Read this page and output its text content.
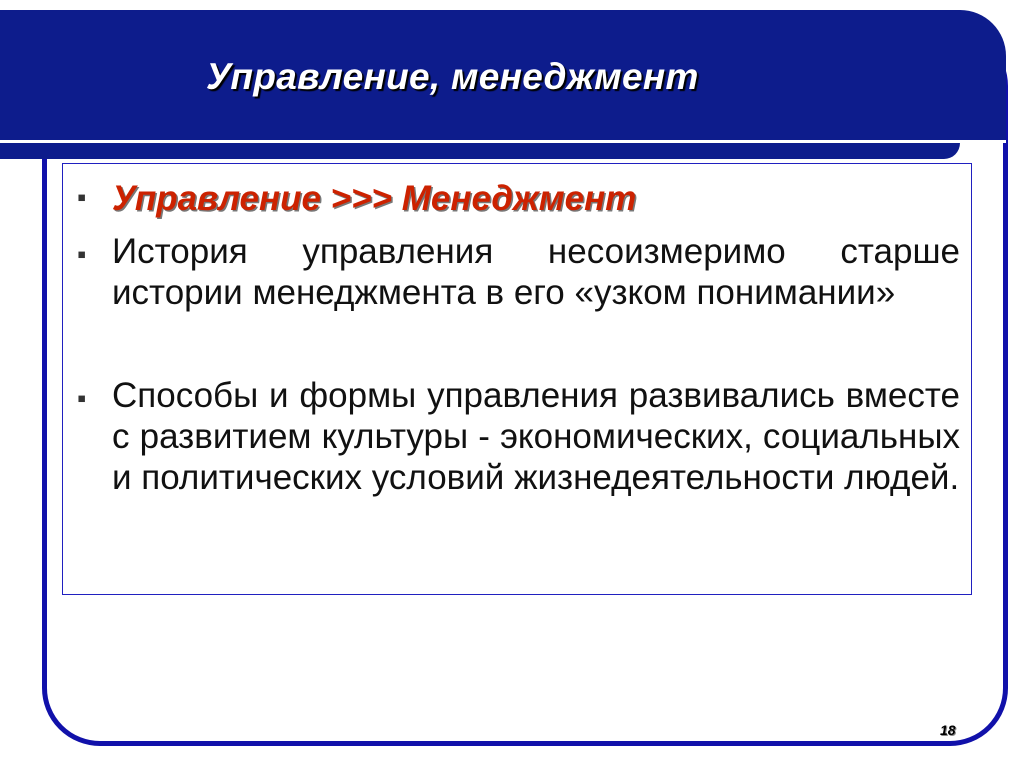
Управление, менеджмент
▪ Управление >>> Менеджмент

▪ История управления несоизмеримо старше истории менеджмента в его «узком понимании»

▪ Способы и формы управления развивались вместе с развитием культуры - экономических, социальных и политических условий жизнедеятельности людей.

18
